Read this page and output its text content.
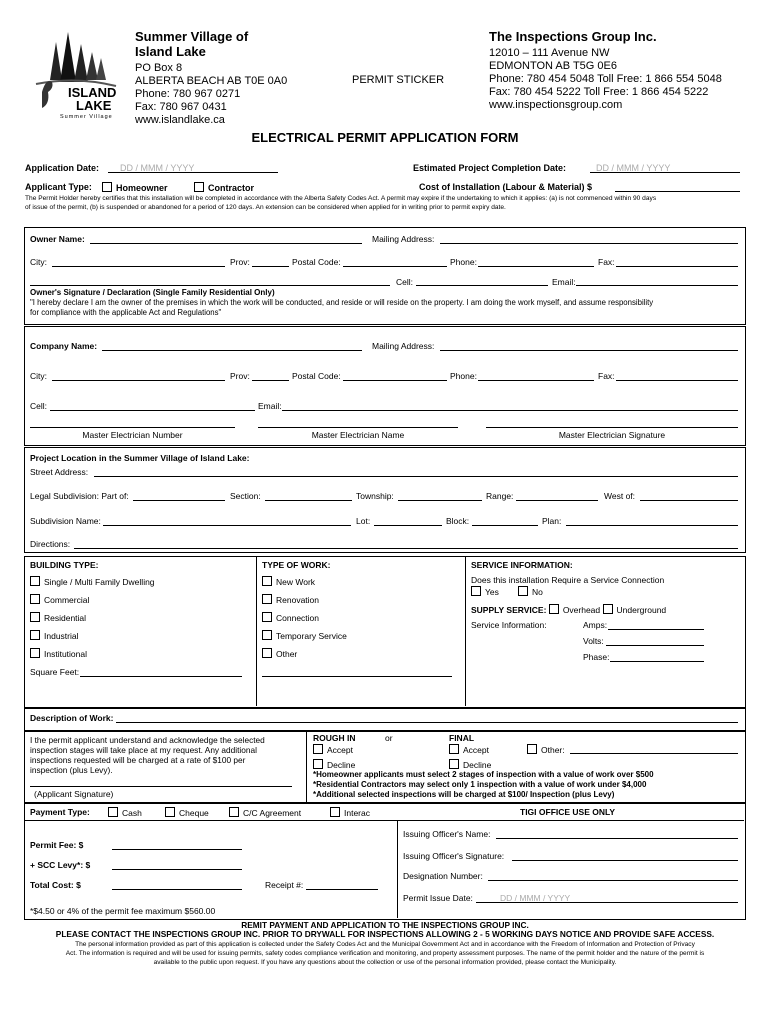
ISLAND
LAKE
Summer Village
Summer Village of
Island Lake
PO Box 8
ALBERTA BEACH AB T0E 0A0
Phone: 780 967 0271
Fax: 780 967 0431
www.islandlake.ca
PERMIT STICKER
The Inspections Group Inc.
12010 – 111 Avenue NW
EDMONTON AB T5G 0E6
Phone: 780 454 5048 Toll Free: 1 866 554 5048
Fax: 780 454 5222 Toll Free: 1 866 454 5222
www.inspectionsgroup.com
ELECTRICAL PERMIT APPLICATION FORM
Application Date: DD / MMM / YYYY	Estimated Project Completion Date:	DD / MMM / YYYY
Applicant Type:	Homeowner	Contractor	Cost of Installation (Labour & Material) $
The Permit Holder hereby certifies that this installation will be completed in accordance with the Alberta Safety Codes Act. A permit may expire if the undertaking to which it applies: (a) is not commenced within 90 days
of issue of the permit, (b) is suspended or abandoned for a period of 120 days. An extension can be considered when applied for in writing prior to permit expiry date.
Owner Name:	Mailing Address:
City:	Prov:	Postal Code:	Phone:	Fax:
Cell:	Email:
Owner's Signature / Declaration (Single Family Residential Only)
"I hereby declare I am the owner of the premises in which the work will be conducted, and reside or will reside on the property. I am doing the work myself, and assume responsibility
for compliance with the applicable Act and Regulations"
Company Name:	Mailing Address:
City:	Prov:	Postal Code:	Phone:	Fax:
Cell:	Email:
Master Electrician Number	Master Electrician Name	Master Electrician Signature
Project Location in the Summer Village of Island Lake:
Street Address:
Legal Subdivision: Part of:	Section:	Township:	Range:	West of:
Subdivision Name:	Lot:	Block:	Plan:
Directions:
BUILDING TYPE:
Single / Multi Family Dwelling
Commercial
Residential
Industrial
Institutional
Square Feet:
TYPE OF WORK:
New Work
Renovation
Connection
Temporary Service
Other
SERVICE INFORMATION:
Does this installation Require a Service Connection
Yes	No
SUPPLY SERVICE: Overhead Underground
Service Information:	Amps:
Volts:
Phase:
Description of Work:
I the permit applicant understand and acknowledge the selected
inspection stages will take place at my request. Any additional
inspections requested will be charged at a rate of $100 per
inspection (plus Levy).
(Applicant Signature)
ROUGH IN	or	FINAL
Accept	Accept	Other:
Decline	Decline
*Homeowner applicants must select 2 stages of inspection with a value of work over $500
*Residential Contractors may select only 1 inspection with a value of work under $4,000
*Additional selected inspections will be charged at $100/ Inspection (plus Levy)
Payment Type:	Cash	Cheque	C/C Agreement	Interac	TIGI OFFICE USE ONLY
Permit Fee: $
+ SCC Levy*: $
Total Cost: $	Receipt #:
*$4.50 or 4% of the permit fee maximum $560.00
Issuing Officer's Name:
Issuing Officer's Signature:
Designation Number:
Permit Issue Date:	DD / MMM / YYYY
REMIT PAYMENT AND APPLICATION TO THE INSPECTIONS GROUP INC.
PLEASE CONTACT THE INSPECTIONS GROUP INC. PRIOR TO DRYWALL FOR INSPECTIONS ALLOWING 2 - 5 WORKING DAYS NOTICE AND PROVIDE SAFE ACCESS.
The personal information provided as part of this application is collected under the Safety Codes Act and the Municipal Government Act and in accordance with the Freedom of Information and Protection of Privacy
Act. The information is required and will be used for issuing permits, safety codes compliance verification and monitoring, and property assessment purposes. The name of the permit holder and the nature of the permit is
available to the public upon request. If you have any questions about the collection or use of the personal information provided, please contact the Municipality.
